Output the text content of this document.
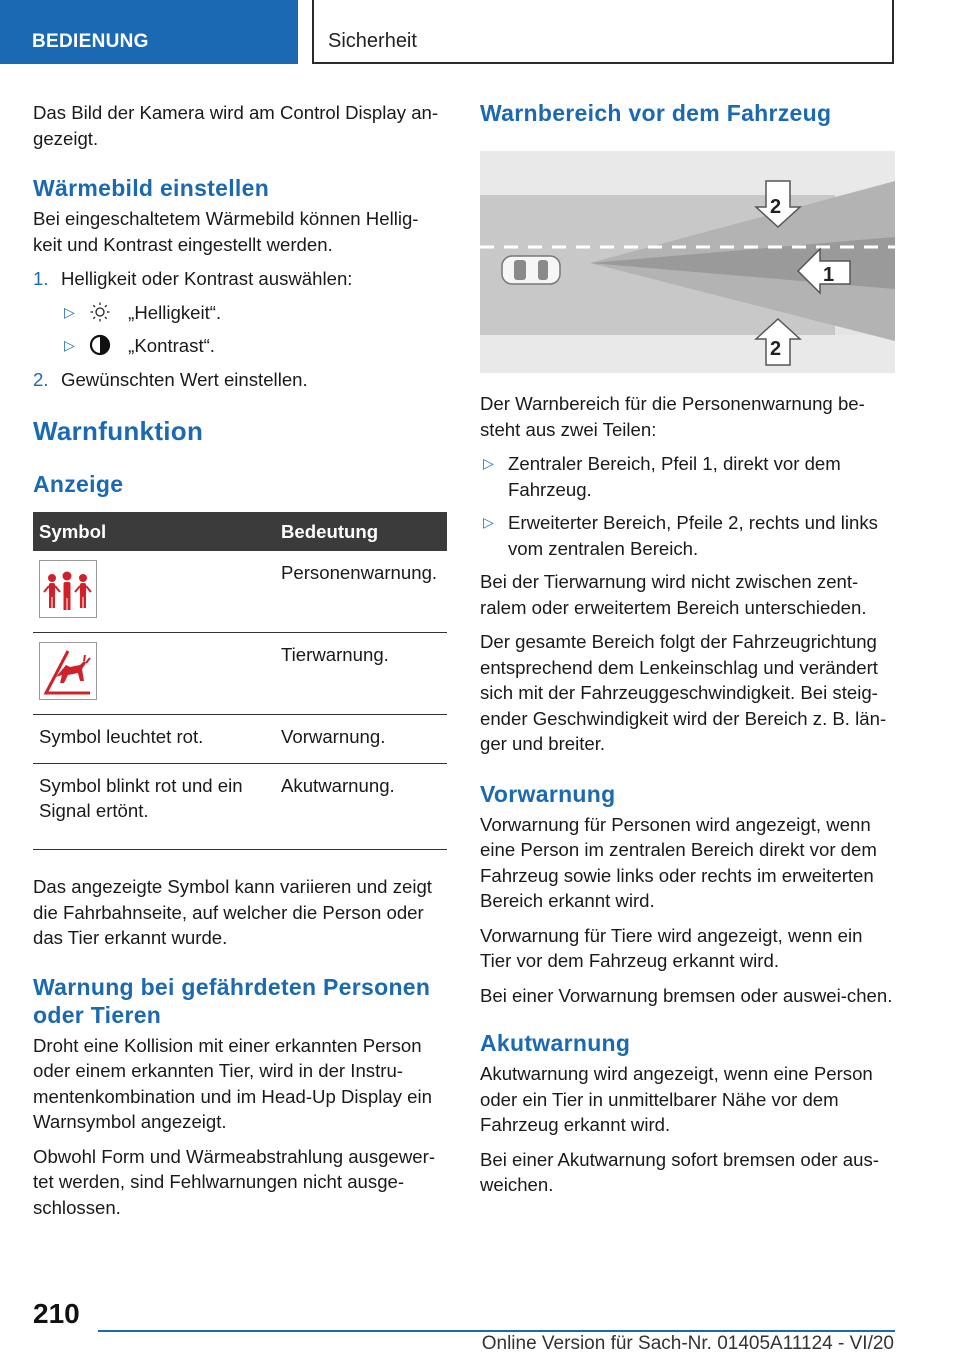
BEDIENUNG	Sicherheit

Das Bild der Kamera wird am Control Display an-gezeigt.

Wärmebild einstellen

Bei eingeschaltetem Wärmebild können Hellig-keit und Kontrast eingestellt werden.

1. Helligkeit oder Kontrast auswählen:
▷	„Helligkeit“.
▷	„Kontrast“.
2. Gewünschten Wert einstellen.
Warnfunktion
Anzeige
Symbol	Bedeutung

	Personenwarnung.

	Tierwarnung.
Symbol leuchtet rot.	Vorwarnung.
Symbol blinkt rot und ein Signal ertönt.	Akutwarnung.

Das angezeigte Symbol kann variieren und zeigt die Fahrbahnseite, auf welcher die Person oder das Tier erkannt wurde.

Warnung bei gefährdeten Personen oder Tieren

Droht eine Kollision mit einer erkannten Person oder einem erkannten Tier, wird in der Instru-mentenkombination und im Head-Up Display ein Warnsymbol angezeigt.

Obwohl Form und Wärmeabstrahlung ausgewer-tet werden, sind Fehlwarnungen nicht ausge-schlossen.

Warnbereich vor dem Fahrzeug
1
2
2

Der Warnbereich für die Personenwarnung be-steht aus zwei Teilen:

▷ Zentraler Bereich, Pfeil 1, direkt vor dem Fahrzeug.
▷ Erweiterter Bereich, Pfeile 2, rechts und links vom zentralen Bereich.

Bei der Tierwarnung wird nicht zwischen zent-ralem oder erweitertem Bereich unterschieden.

Der gesamte Bereich folgt der Fahrzeugrichtung entsprechend dem Lenkeinschlag und verändert sich mit der Fahrzeuggeschwindigkeit. Bei steig-ender Geschwindigkeit wird der Bereich z. B. län-ger und breiter.

Vorwarnung

Vorwarnung für Personen wird angezeigt, wenn eine Person im zentralen Bereich direkt vor dem Fahrzeug sowie links oder rechts im erweiterten Bereich erkannt wird.

Vorwarnung für Tiere wird angezeigt, wenn ein Tier vor dem Fahrzeug erkannt wird.

Bei einer Vorwarnung bremsen oder auswei-chen.

Akutwarnung

Akutwarnung wird angezeigt, wenn eine Person oder ein Tier in unmittelbarer Nähe vor dem Fahrzeug erkannt wird.

Bei einer Akutwarnung sofort bremsen oder aus-weichen.

210
Online Version für Sach-Nr. 01405A11124 - VI/20
